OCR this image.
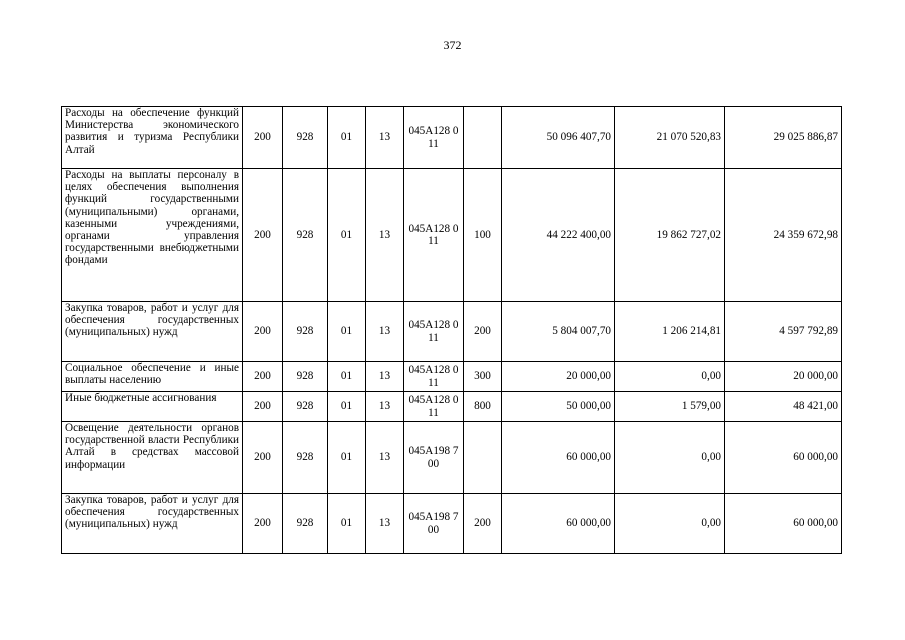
372
Расходы на обеспечение функций Министерства экономического развития и туризма Республики Алтай	200	928	01	13	045А128 011		50 096 407,70	21 070 520,83	29 025 886,87
Расходы на выплаты персоналу в целях обеспечения выполнения функций государственными (муниципальными) органами, казенными учреждениями, органами управления государственными внебюджетными фондами	200	928	01	13	045А128 011	100	44 222 400,00	19 862 727,02	24 359 672,98
Закупка товаров, работ и услуг для обеспечения государственных (муниципальных) нужд	200	928	01	13	045А128 011	200	5 804 007,70	1 206 214,81	4 597 792,89
Социальное обеспечение и иные выплаты населению	200	928	01	13	045А128 011	300	20 000,00	0,00	20 000,00
Иные бюджетные ассигнования	200	928	01	13	045А128 011	800	50 000,00	1 579,00	48 421,00
Освещение деятельности органов государственной власти Республики Алтай в средствах массовой информации	200	928	01	13	045А198 700		60 000,00	0,00	60 000,00
Закупка товаров, работ и услуг для обеспечения государственных (муниципальных) нужд	200	928	01	13	045А198 700	200	60 000,00	0,00	60 000,00
